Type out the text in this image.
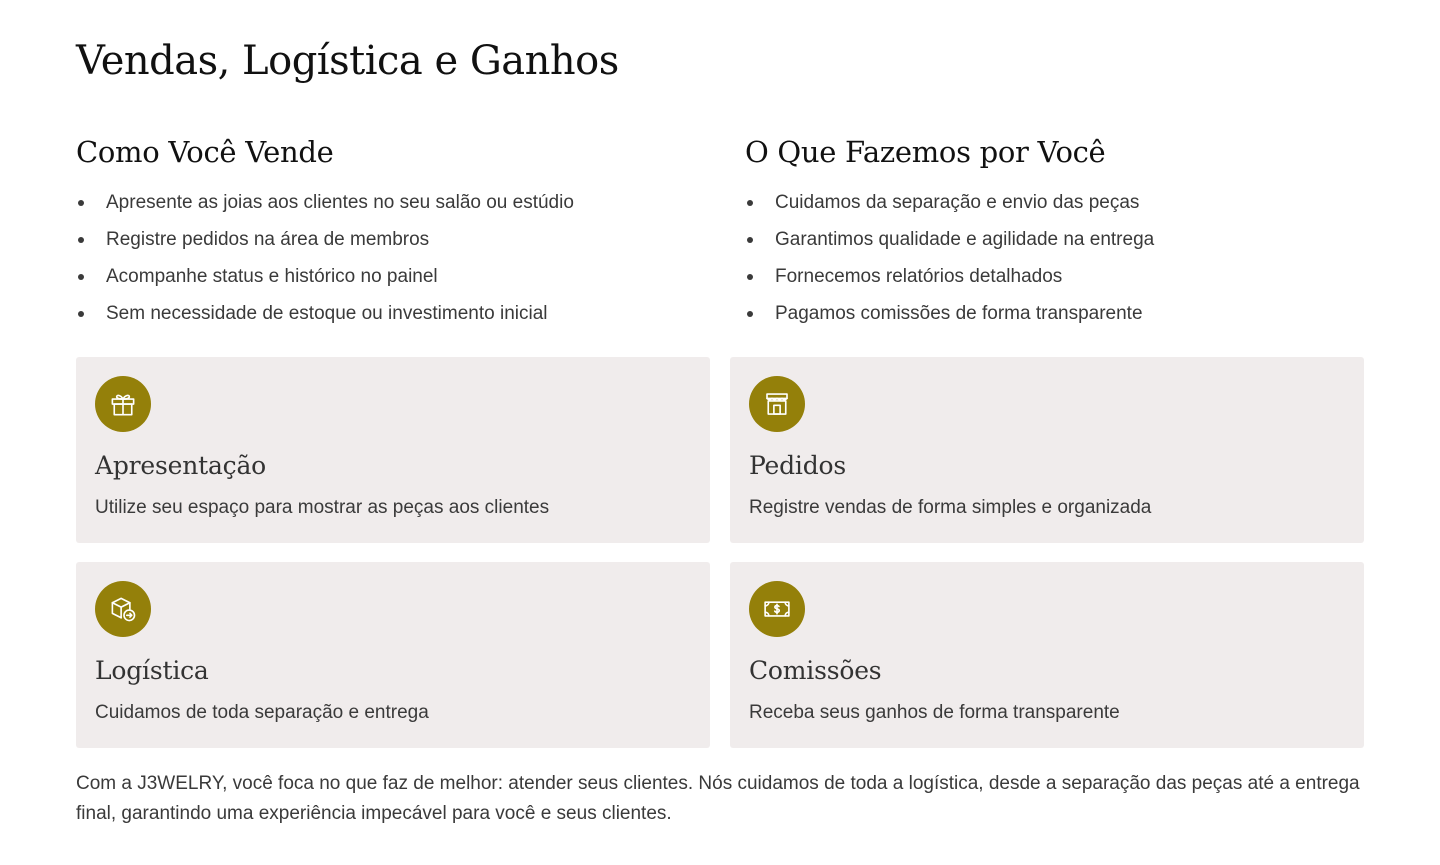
Vendas, Logística e Ganhos
Como Você Vende
Apresente as joias aos clientes no seu salão ou estúdio
Registre pedidos na área de membros
Acompanhe status e histórico no painel
Sem necessidade de estoque ou investimento inicial
O Que Fazemos por Você
Cuidamos da separação e envio das peças
Garantimos qualidade e agilidade na entrega
Fornecemos relatórios detalhados
Pagamos comissões de forma transparente
Apresentação

Utilize seu espaço para mostrar as peças aos clientes

Pedidos

Registre vendas de forma simples e organizada

Logística

Cuidamos de toda separação e entrega

Comissões

Receba seus ganhos de forma transparente

Com a J3WELRY, você foca no que faz de melhor: atender seus clientes. Nós cuidamos de toda a logística, desde a separação das peças até a entrega final, garantindo uma experiência impecável para você e seus clientes.
